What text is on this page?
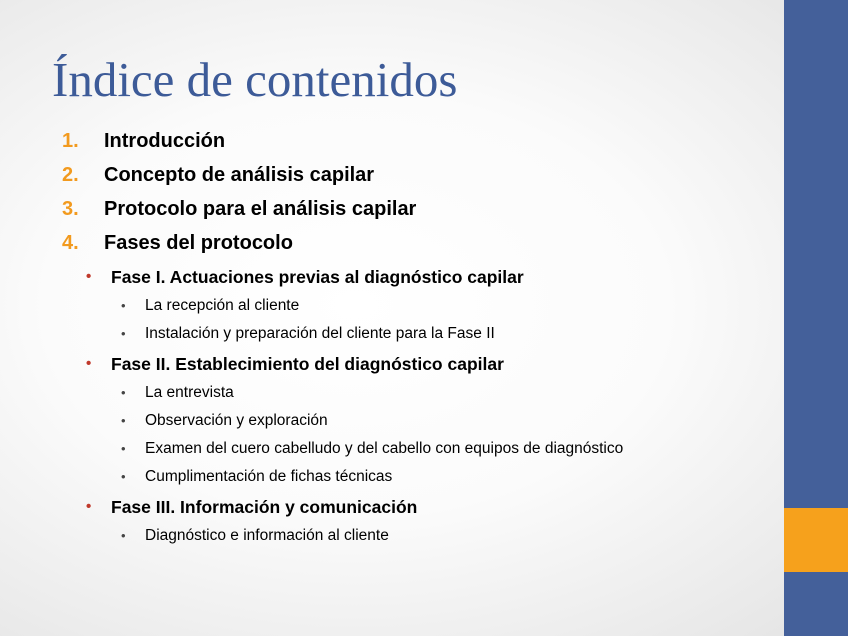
Índice de contenidos
1. Introducción
2. Concepto de análisis capilar
3. Protocolo para el análisis capilar
4. Fases del protocolo
• Fase I. Actuaciones previas al diagnóstico capilar
• La recepción al cliente
• Instalación y preparación del cliente para la Fase II
• Fase II. Establecimiento del diagnóstico capilar
• La entrevista
• Observación y exploración
• Examen del cuero cabelludo y del cabello con equipos de diagnóstico
• Cumplimentación de fichas técnicas
• Fase III. Información y comunicación
• Diagnóstico e información al cliente
